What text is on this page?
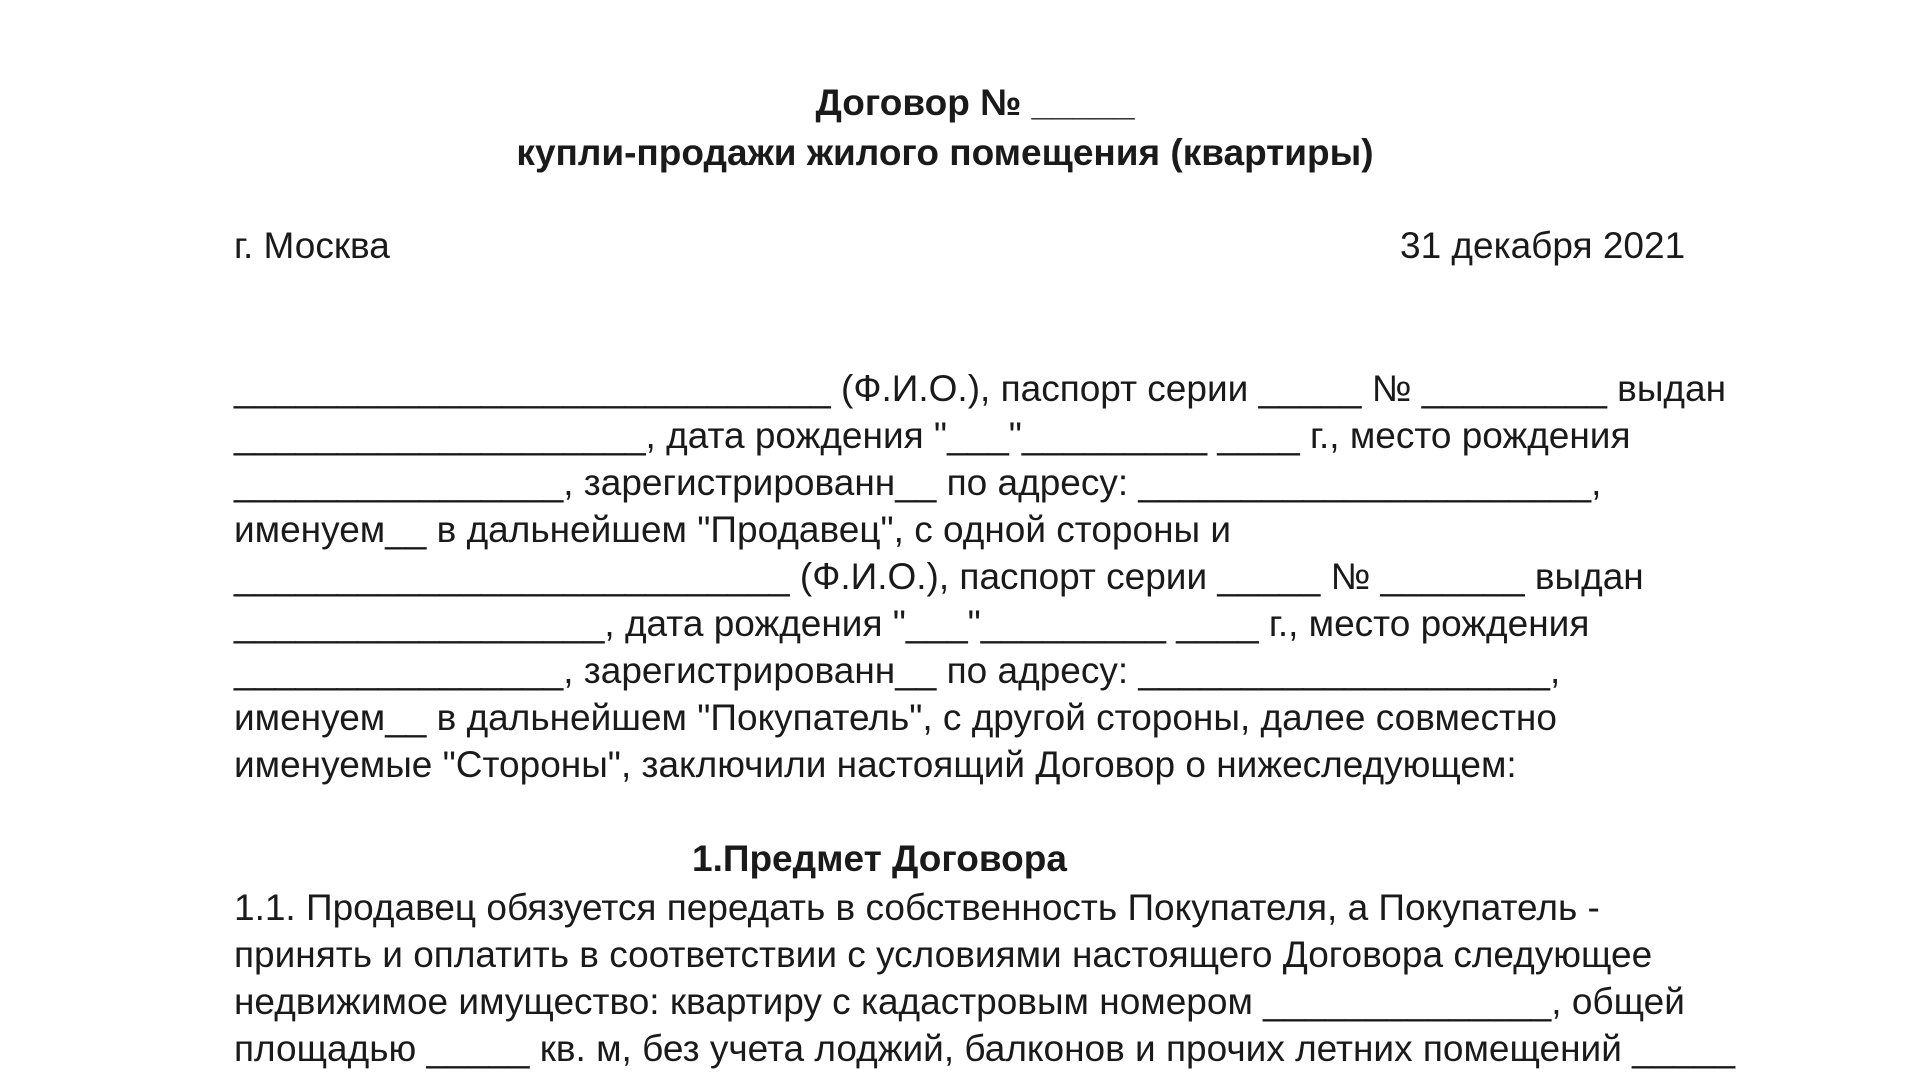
Договор № _____
купли-продажи жилого помещения (квартиры)
г. Москва	31 декабря 2021
_____________________________ (Ф.И.О.), паспорт серии _____ № _________ выдан
____________________, дата рождения "___"_________ ____ г., место рождения
________________, зарегистрированн__ по адресу: ______________________,
именуем__ в дальнейшем "Продавец", с одной стороны и
___________________________ (Ф.И.О.), паспорт серии _____ № _______ выдан
__________________, дата рождения "___"_________ ____ г., место рождения
________________, зарегистрированн__ по адресу: ____________________,
именуем__ в дальнейшем "Покупатель", с другой стороны, далее совместно
именуемые "Стороны", заключили настоящий Договор о нижеследующем:
1.Предмет Договора
1.1. Продавец обязуется передать в собственность Покупателя, а Покупатель -
принять и оплатить в соответствии с условиями настоящего Договора следующее
недвижимое имущество: квартиру с кадастровым номером ______________, общей
площадью _____ кв. м, без учета лоджий, балконов и прочих летних помещений _____
